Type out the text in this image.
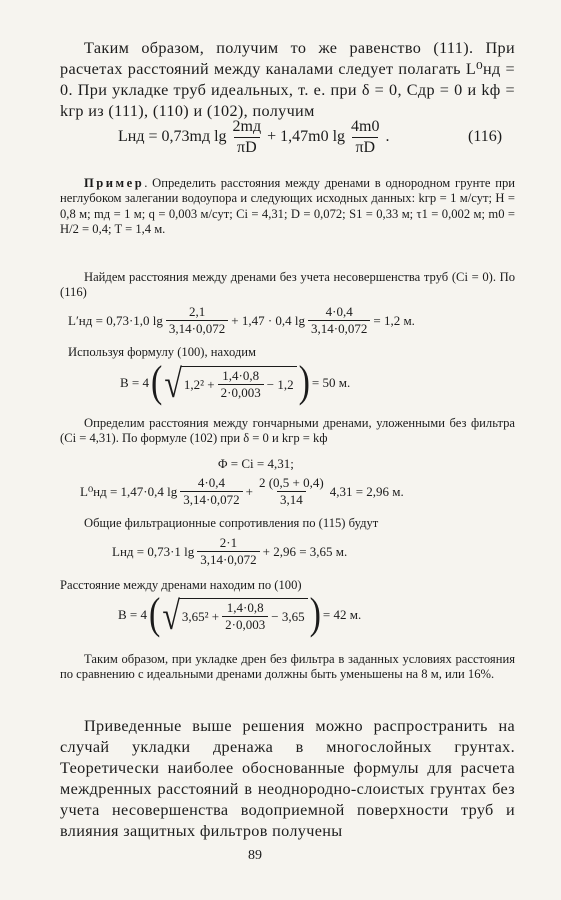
Таким образом, получим то же равенство (111). При расчетах расстояний между каналами следует полагать L⁰нд = 0. При укладке труб идеальных, т. е. при δ = 0, Cдр = 0 и kф = kгр из (111), (110) и (102), получим

Lнд = 0,73mд $\lg \frac{2mд}{\pi D} + 1,47m0$ $\lg \frac{4m0}{\pi D}$ .	(116)

Пример. Определить расстояния между дренами в однородном грунте при неглубоком залегании водоупора и следующих исходных данных: kгр = 1 м/сут; H = 0,8 м; mд = 1 м; q = 0,003 м/сут; Ci = 4,31; D = 0,072; S1 = 0,33 м; τ1 = 0,002 м; m0 = H/2 = 0,4; T = 1,4 м.

Найдем расстояния между дренами без учета несовершенства труб (Ci = 0). По (116)

L′нд = 0,73·1,0 $\lg \frac{2,1}{3,14\cdot 0,072} + 1,47 \cdot 0,4$ $\lg \frac{4\cdot 0,4}{3,14\cdot 0,072} = 1,2$ м.

Используя формулу (100), находим

B = 4 ( √ $1,2^2 + \frac{1,4\cdot 0,8}{2\cdot 0,003} - 1,2$ ) = 50 м.

Определим расстояния между гончарными дренами, уложенными без фильтра (Ci = 4,31). По формуле (102) при δ = 0 и kгр = kф

Φ = Ci = 4,31;
L⁰нд = 1,47·0,4 $\lg \frac{4\cdot 0,4}{3,14\cdot 0,072} + \frac{2 (0,5 + 0,4)}{3,14} 4,31 = 2,96$ м.

Общие фильтрационные сопротивления по (115) будут

Lнд = 0,73·1 $\lg \frac{2\cdot 1}{3,14\cdot 0,072} + 2,96 = 3,65$ м.

Расстояние между дренами находим по (100)

B = 4 ( √ $3,65^2 + \frac{1,4\cdot 0,8}{2\cdot 0,003} - 3,65$ ) = 42 м.

Таким образом, при укладке дрен без фильтра в заданных условиях расстояния по сравнению с идеальными дренами должны быть уменьшены на 8 м, или 16%.

Приведенные выше решения можно распространить на случай укладки дренажа в многослойных грунтах. Теоретически наиболее обоснованные формулы для расчета междренных расстояний в неоднородно-слоистых грунтах без учета несовершенства водоприемной поверхности труб и влияния защитных фильтров получены

89
